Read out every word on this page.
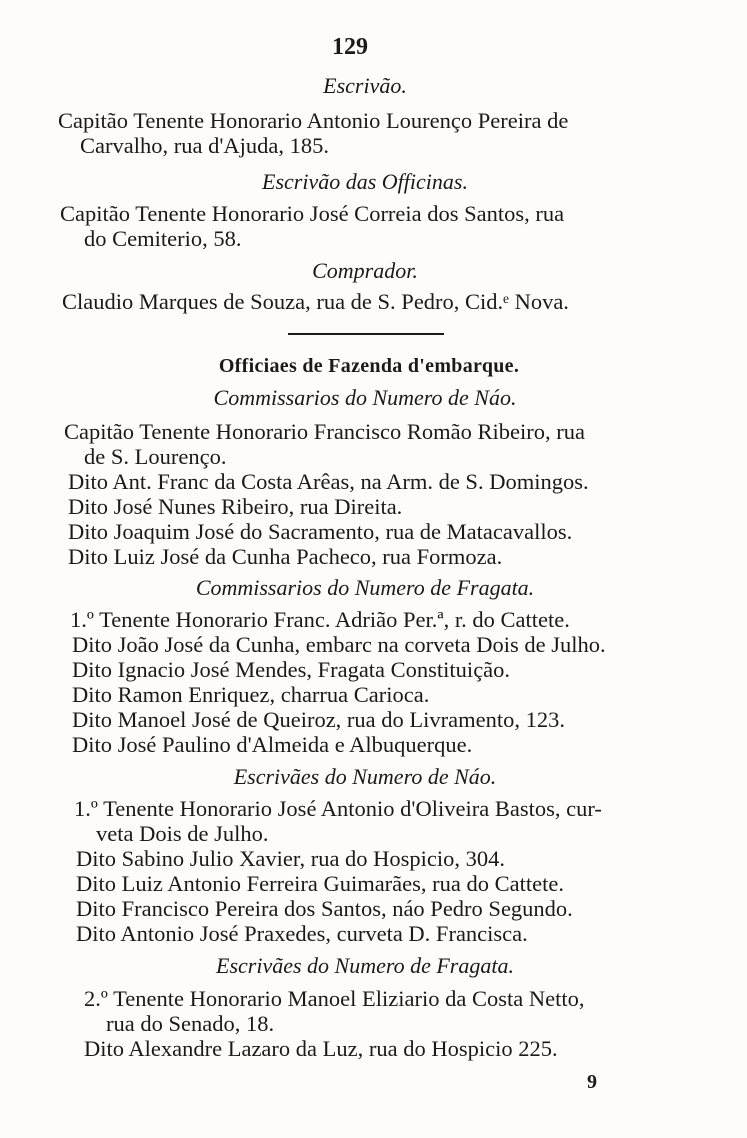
129
Escrivão.
Capitão Tenente Honorario Antonio Lourenço Pereira de
Carvalho, rua d'Ajuda, 185.
Escrivão das Officinas.
Capitão Tenente Honorario José Correia dos Santos, rua
do Cemiterio, 58.
Comprador.
Claudio Marques de Souza, rua de S. Pedro, Cid.ᵉ Nova.
Officiaes de Fazenda d'embarque.
Commissarios do Numero de Náo.
Capitão Tenente Honorario Francisco Romão Ribeiro, rua
de S. Lourenço.
Dito Ant. Franc da Costa Arêas, na Arm. de S. Domingos.
Dito José Nunes Ribeiro, rua Direita.
Dito Joaquim José do Sacramento, rua de Matacavallos.
Dito Luiz José da Cunha Pacheco, rua Formoza.
Commissarios do Numero de Fragata.
1.º Tenente Honorario Franc. Adrião Per.ª, r. do Cattete.
Dito João José da Cunha, embarc na corveta Dois de Julho.
Dito Ignacio José Mendes, Fragata Constituição.
Dito Ramon Enriquez, charrua Carioca.
Dito Manoel José de Queiroz, rua do Livramento, 123.
Dito José Paulino d'Almeida e Albuquerque.
Escrivães do Numero de Náo.
1.º Tenente Honorario José Antonio d'Oliveira Bastos, cur-
veta Dois de Julho.
Dito Sabino Julio Xavier, rua do Hospicio, 304.
Dito Luiz Antonio Ferreira Guimarães, rua do Cattete.
Dito Francisco Pereira dos Santos, náo Pedro Segundo.
Dito Antonio José Praxedes, curveta D. Francisca.
Escrivães do Numero de Fragata.
2.º Tenente Honorario Manoel Eliziario da Costa Netto,
rua do Senado, 18.
Dito Alexandre Lazaro da Luz, rua do Hospicio 225.
9
